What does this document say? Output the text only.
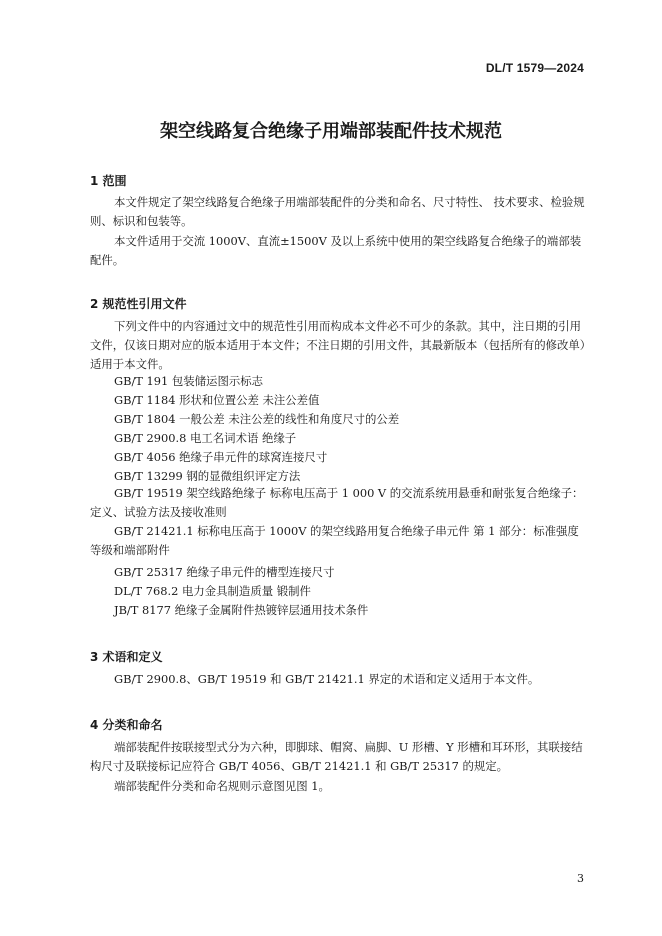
DL/T 1579—2024
架空线路复合绝缘子用端部装配件技术规范
1 范围
本文件规定了架空线路复合绝缘子用端部装配件的分类和命名、尺寸特性、 技术要求、检验规则、标识和包装等。
本文件适用于交流 1000V、直流±1500V 及以上系统中使用的架空线路复合绝缘子的端部装配件。
2 规范性引用文件
下列文件中的内容通过文中的规范性引用而构成本文件必不可少的条款。其中，注日期的引用文件，仅该日期对应的版本适用于本文件；不注日期的引用文件，其最新版本（包括所有的修改单）适用于本文件。
GB/T 191 包装储运图示标志
GB/T 1184 形状和位置公差 未注公差值
GB/T 1804 一般公差 未注公差的线性和角度尺寸的公差
GB/T 2900.8 电工名词术语 绝缘子
GB/T 4056 绝缘子串元件的球窝连接尺寸
GB/T 13299 钢的显微组织评定方法
GB/T 19519 架空线路绝缘子 标称电压高于 1 000 V 的交流系统用悬垂和耐张复合绝缘子：定义、试验方法及接收准则
GB/T 21421.1 标称电压高于 1000V 的架空线路用复合绝缘子串元件 第 1 部分：标准强度等级和端部附件
GB/T 25317 绝缘子串元件的槽型连接尺寸
DL/T 768.2 电力金具制造质量 锻制件
JB/T 8177 绝缘子金属附件热镀锌层通用技术条件
3 术语和定义
GB/T 2900.8、GB/T 19519 和 GB/T 21421.1 界定的术语和定义适用于本文件。
4 分类和命名
端部装配件按联接型式分为六种，即脚球、帽窝、扁脚、U 形槽、Y 形槽和耳环形，其联接结构尺寸及联接标记应符合 GB/T 4056、GB/T 21421.1 和 GB/T 25317 的规定。
端部装配件分类和命名规则示意图见图 1。
3
